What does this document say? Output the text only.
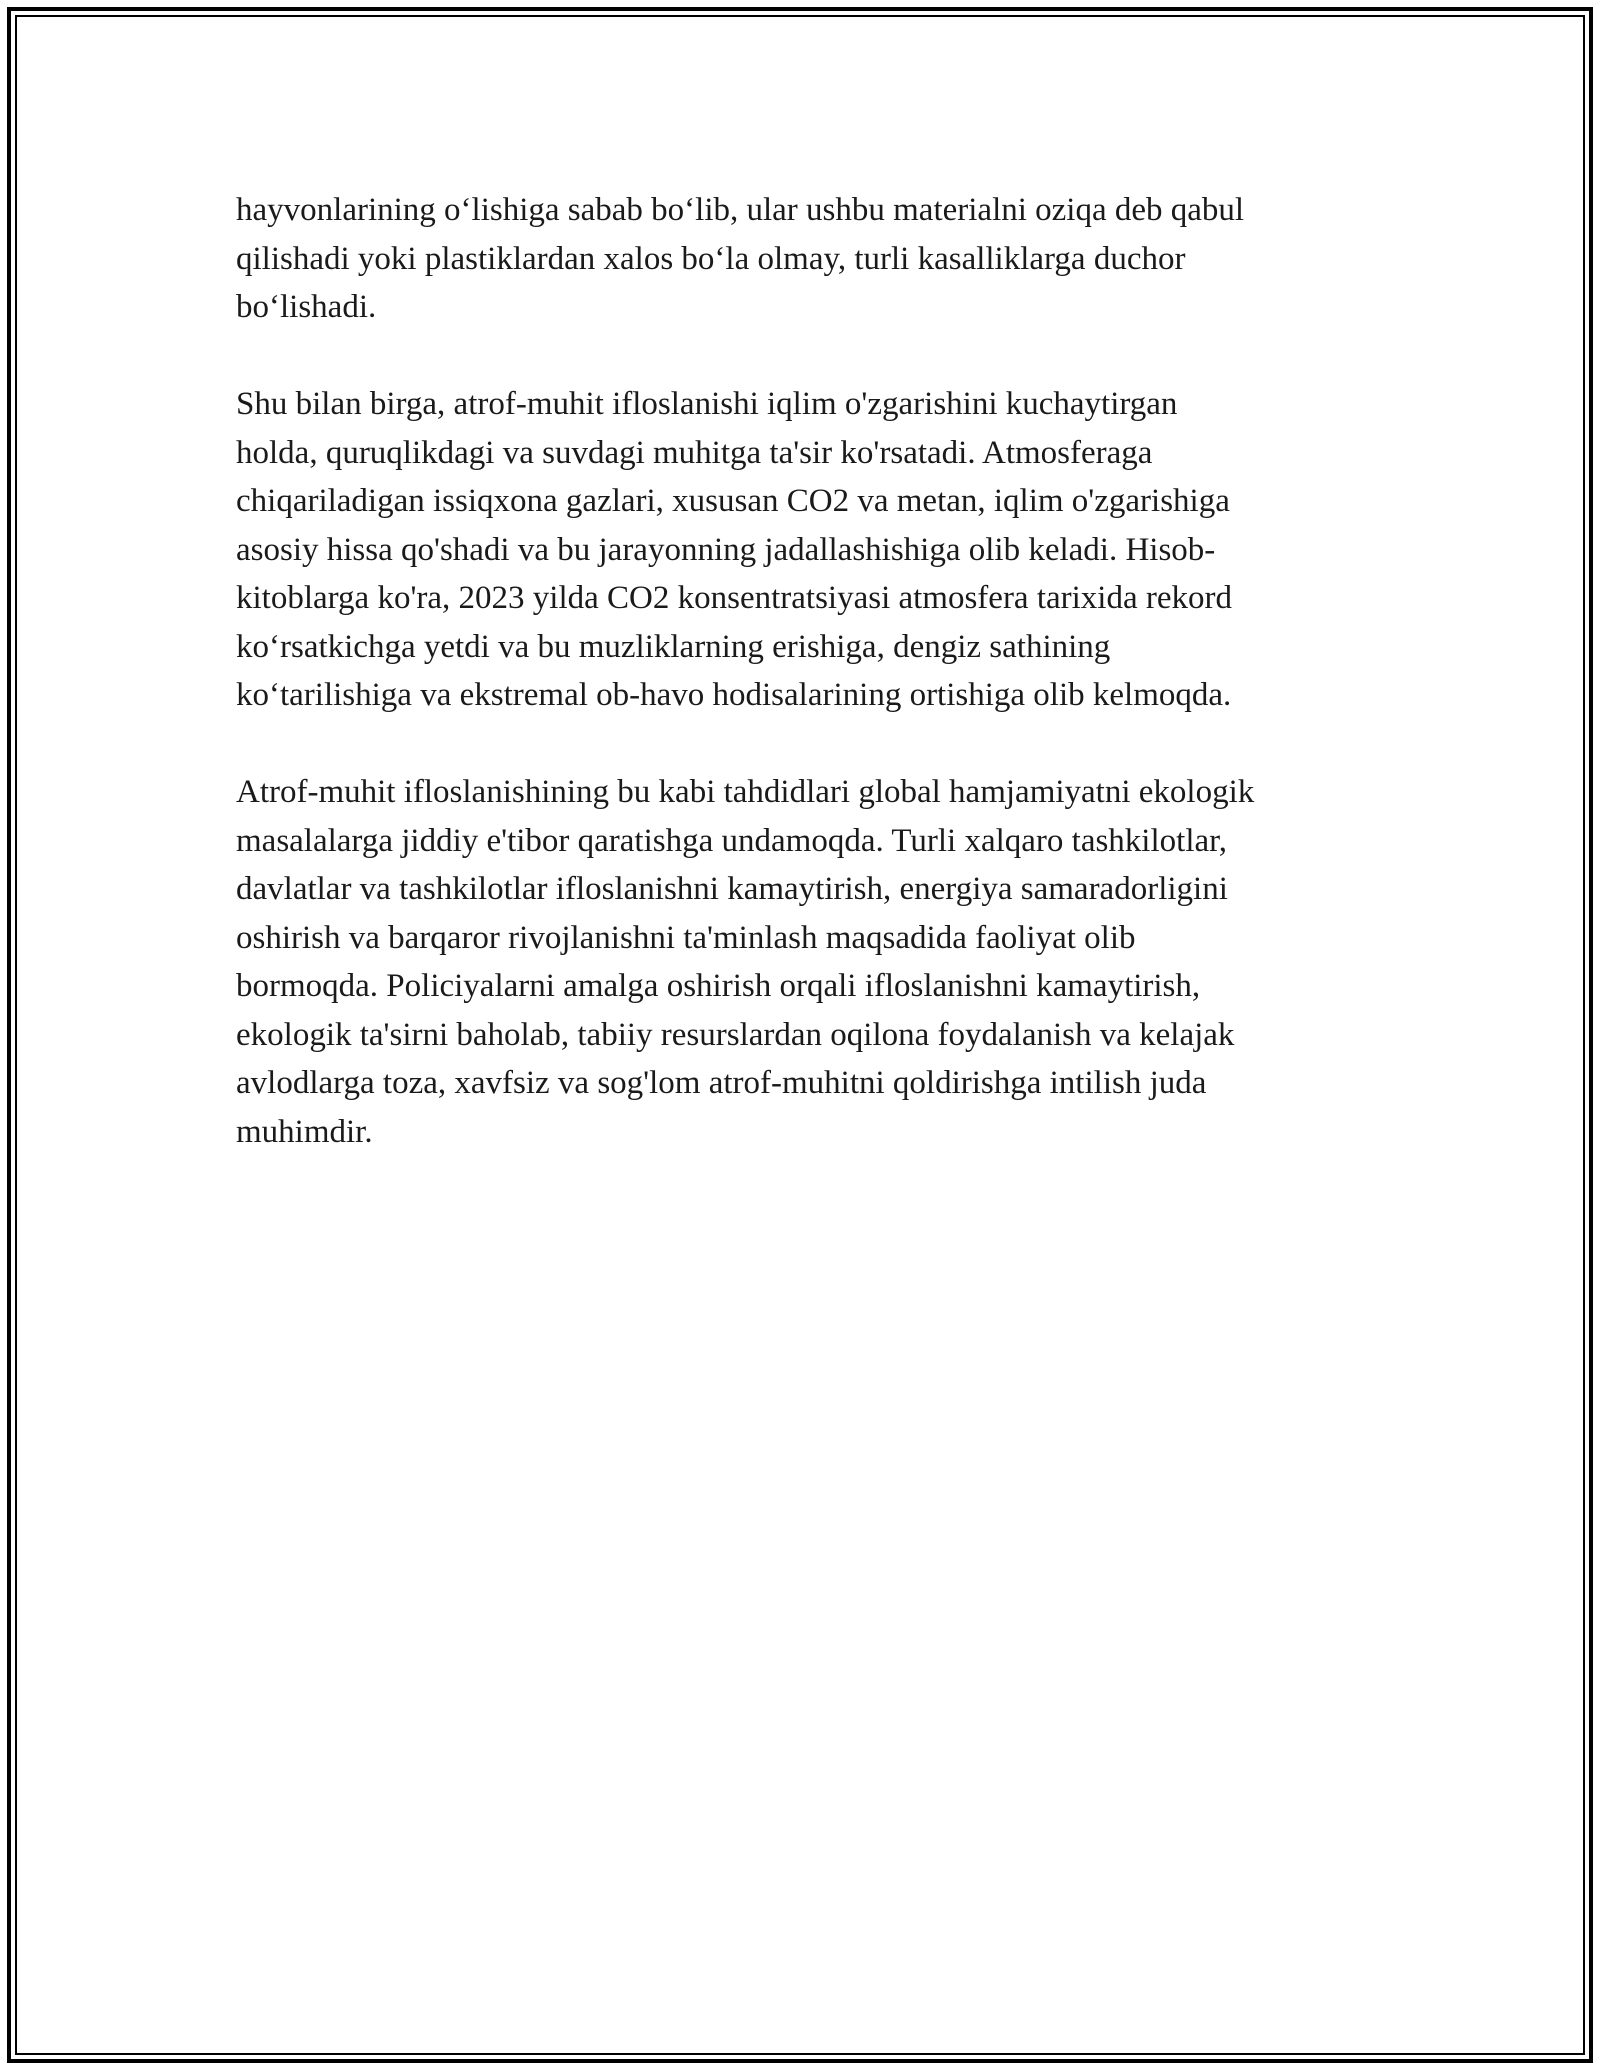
hayvonlarining o‘lishiga sabab bo‘lib, ular ushbu materialni oziqa deb qabul
qilishadi yoki plastiklardan xalos bo‘la olmay, turli kasalliklarga duchor
bo‘lishadi.

Shu bilan birga, atrof-muhit ifloslanishi iqlim o'zgarishini kuchaytirgan
holda, quruqlikdagi va suvdagi muhitga ta'sir ko'rsatadi. Atmosferaga
chiqariladigan issiqxona gazlari, xususan CO2 va metan, iqlim o'zgarishiga
asosiy hissa qo'shadi va bu jarayonning jadallashishiga olib keladi. Hisob-
kitoblarga ko'ra, 2023 yilda CO2 konsentratsiyasi atmosfera tarixida rekord
ko‘rsatkichga yetdi va bu muzliklarning erishiga, dengiz sathining
ko‘tarilishiga va ekstremal ob-havo hodisalarining ortishiga olib kelmoqda.

Atrof-muhit ifloslanishining bu kabi tahdidlari global hamjamiyatni ekologik
masalalarga jiddiy e'tibor qaratishga undamoqda. Turli xalqaro tashkilotlar,
davlatlar va tashkilotlar ifloslanishni kamaytirish, energiya samaradorligini
oshirish va barqaror rivojlanishni ta'minlash maqsadida faoliyat olib
bormoqda. Policiyalarni amalga oshirish orqali ifloslanishni kamaytirish,
ekologik ta'sirni baholab, tabiiy resurslardan oqilona foydalanish va kelajak
avlodlarga toza, xavfsiz va sog'lom atrof-muhitni qoldirishga intilish juda
muhimdir.
